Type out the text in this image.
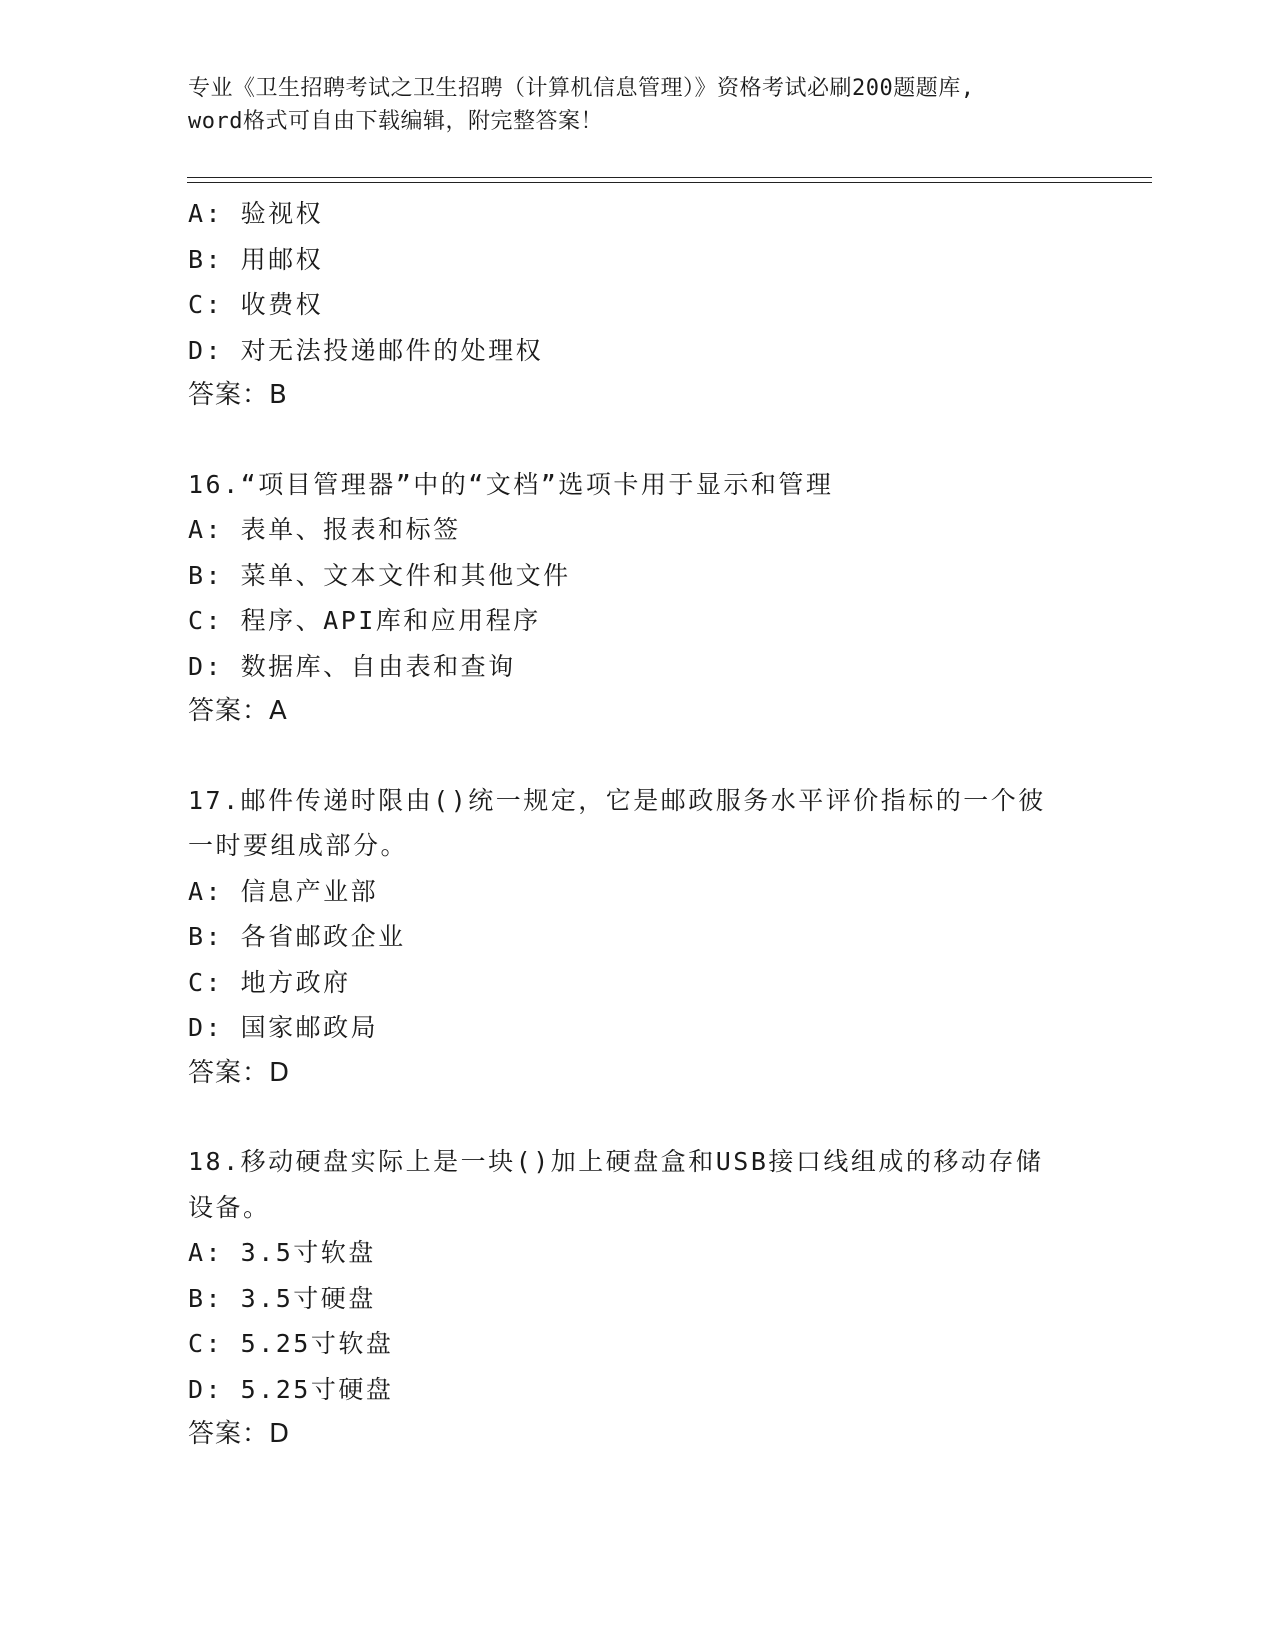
专业《卫生招聘考试之卫生招聘（计算机信息管理）》资格考试必刷200题题库,
word格式可自由下载编辑，附完整答案！
A: 验视权
B: 用邮权
C: 收费权
D: 对无法投递邮件的处理权
答案：B
16.“项目管理器”中的“文档”选项卡用于显示和管理
A: 表单、报表和标签
B: 菜单、文本文件和其他文件
C: 程序、API库和应用程序
D: 数据库、自由表和查询
答案：A
17.邮件传递时限由()统一规定，它是邮政服务水平评价指标的一个彼
一时要组成部分。
A: 信息产业部
B: 各省邮政企业
C: 地方政府
D: 国家邮政局
答案：D
18.移动硬盘实际上是一块()加上硬盘盒和USB接口线组成的移动存储
设备。
A: 3.5寸软盘
B: 3.5寸硬盘
C: 5.25寸软盘
D: 5.25寸硬盘
答案：D
